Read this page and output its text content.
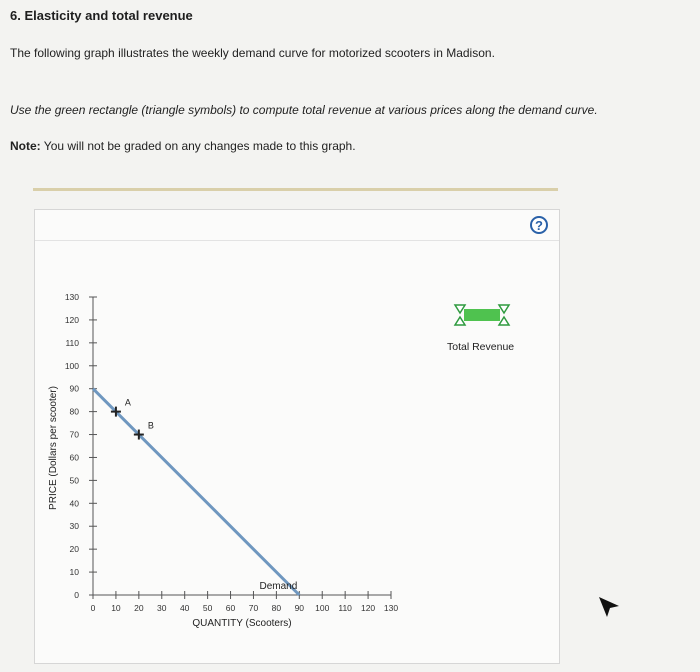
6. Elasticity and total revenue
The following graph illustrates the weekly demand curve for motorized scooters in Madison.
Use the green rectangle (triangle symbols) to compute total revenue at various prices along the demand curve.
Note: You will not be graded on any changes made to this graph.
?
0
10
20
30
40
50
60
70
80
90
100
110
120
130
0 10 20 30 40 50 60 70 80 90 100 110 120 130
QUANTITY (Scooters)
PRICE (Dollars per scooter)
Demand
A
B
Total Revenue
